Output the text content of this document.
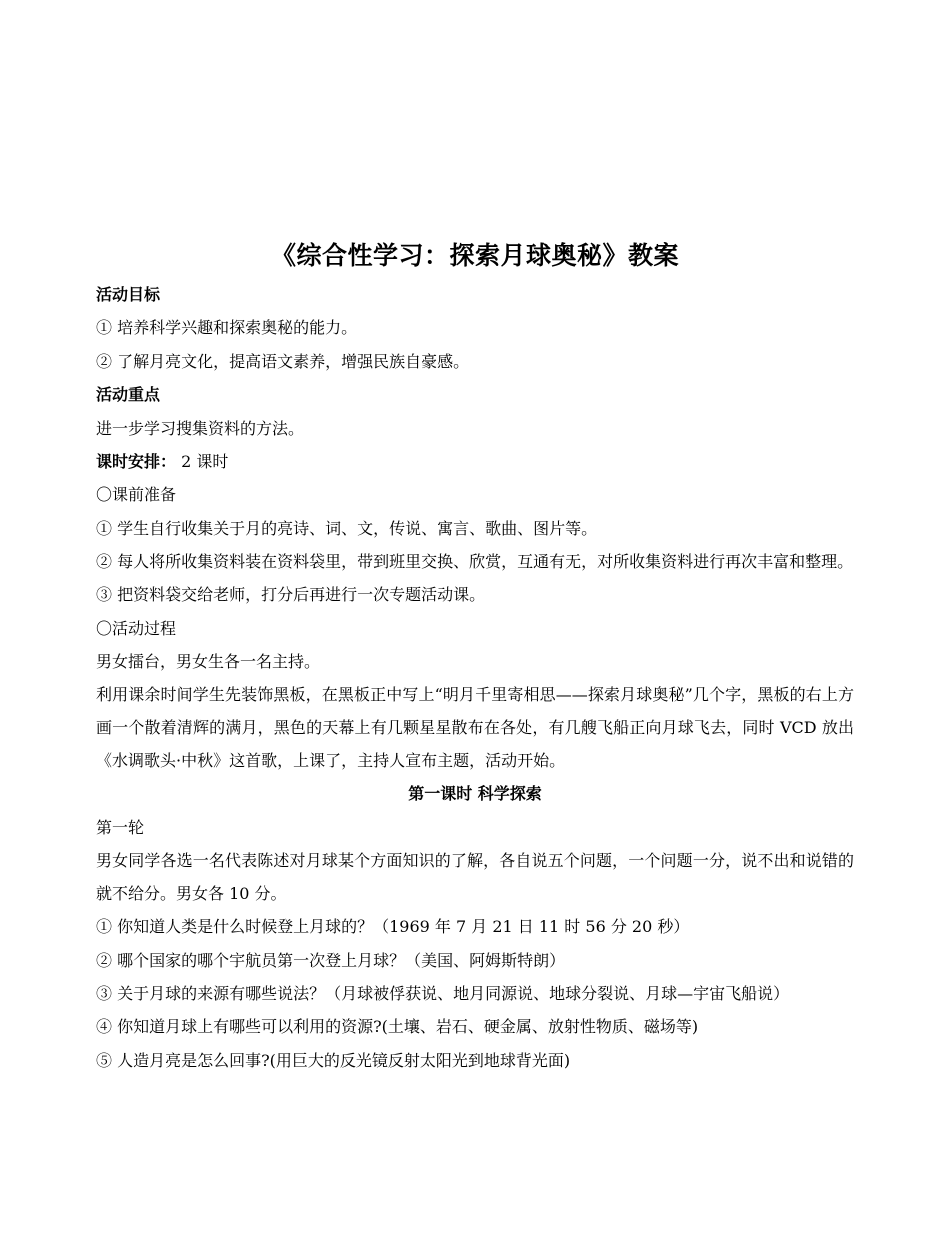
《综合性学习：探索月球奥秘》教案

活动目标

① 培养科学兴趣和探索奥秘的能力。

② 了解月亮文化，提高语文素养，增强民族自豪感。

活动重点

进一步学习搜集资料的方法。

课时安排： 2 课时

〇课前准备

① 学生自行收集关于月的亮诗、词、文，传说、寓言、歌曲、图片等。

② 每人将所收集资料装在资料袋里，带到班里交换、欣赏，互通有无，对所收集资料进行再次丰富和整理。

③ 把资料袋交给老师，打分后再进行一次专题活动课。

〇活动过程

男女擂台，男女生各一名主持。

利用课余时间学生先装饰黑板，在黑板正中写上“明月千里寄相思——探索月球奥秘”几个字，黑板的右上方画一个散着清辉的满月，黑色的天幕上有几颗星星散布在各处，有几艘飞船正向月球飞去，同时 VCD 放出《水调歌头·中秋》这首歌，上课了，主持人宣布主题，活动开始。

第一课时 科学探索

第一轮

男女同学各选一名代表陈述对月球某个方面知识的了解，各自说五个问题，一个问题一分，说不出和说错的就不给分。男女各 10 分。

① 你知道人类是什么时候登上月球的？（1969 年 7 月 21 日 11 时 56 分 20 秒）

② 哪个国家的哪个宇航员第一次登上月球？（美国、阿姆斯特朗）

③ 关于月球的来源有哪些说法？（月球被俘获说、地月同源说、地球分裂说、月球—宇宙飞船说）

④ 你知道月球上有哪些可以利用的资源?(土壤、岩石、硬金属、放射性物质、磁场等)

⑤ 人造月亮是怎么回事?(用巨大的反光镜反射太阳光到地球背光面)
